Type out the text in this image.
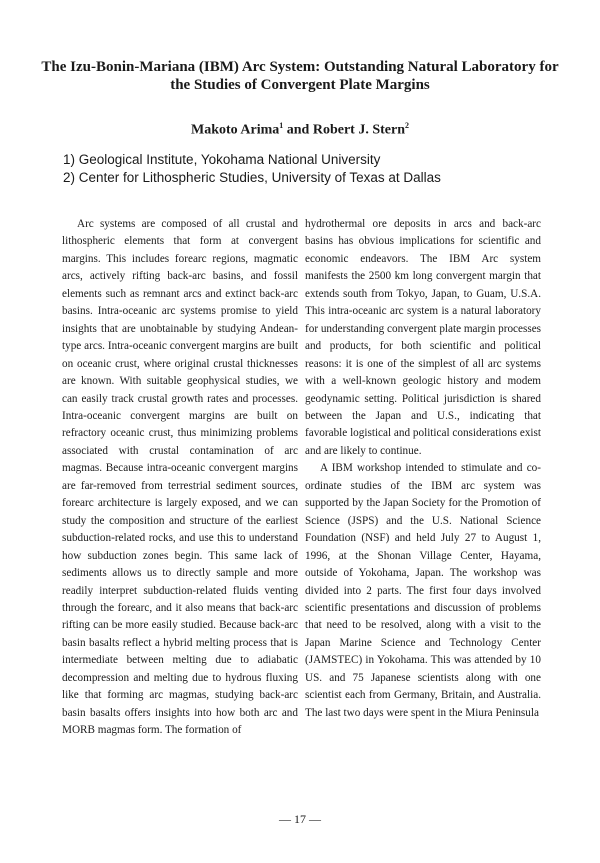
The Izu-Bonin-Mariana (IBM) Arc System: Outstanding Natural Laboratory for the Studies of Convergent Plate Margins

Makoto Arima$^1$ and Robert J. Stern$^2$

1) Geological Institute, Yokohama National University
2) Center for Lithospheric Studies, University of Texas at Dallas

Arc systems are composed of all crustal and lithospheric elements that form at convergent margins. This includes forearc regions, magmatic arcs, actively rifting back-arc basins, and fossil elements such as remnant arcs and extinct back-arc basins. Intra-oceanic arc systems promise to yield insights that are unobtainable by studying Andean-type arcs. Intra-oceanic convergent margins are built on oceanic crust, where original crustal thicknesses are known. With suitable geophysical studies, we can easily track crustal growth rates and processes. Intra-oceanic convergent margins are built on refractory oceanic crust, thus minimizing problems associated with crustal contamination of arc magmas. Because intra-oceanic convergent margins are far-removed from terrestrial sediment sources, forearc architecture is largely exposed, and we can study the composition and structure of the earliest subduction-related rocks, and use this to understand how subduction zones begin. This same lack of sediments allows us to directly sample and more readily interpret subduction-related fluids venting through the forearc, and it also means that back-arc rifting can be more easily studied. Because back-arc basin basalts reflect a hybrid melting process that is intermediate between melting due to adiabatic decompression and melting due to hydrous fluxing like that forming arc magmas, studying back-arc basin basalts offers insights into how both arc and MORB magmas form. The formation of

hydrothermal ore deposits in arcs and back-arc basins has obvious implications for scientific and economic endeavors. The IBM Arc system manifests the 2500 km long convergent margin that extends south from Tokyo, Japan, to Guam, U.S.A. This intra-oceanic arc system is a natural laboratory for understanding convergent plate margin processes and products, for both scientific and political reasons: it is one of the simplest of all arc systems with a well-known geologic history and modem geodynamic setting. Political jurisdiction is shared between the Japan and U.S., indicating that favorable logistical and political considerations exist and are likely to continue.

A IBM workshop intended to stimulate and co-ordinate studies of the IBM arc system was supported by the Japan Society for the Promotion of Science (JSPS) and the U.S. National Science Foundation (NSF) and held July 27 to August 1, 1996, at the Shonan Village Center, Hayama, outside of Yokohama, Japan. The workshop was divided into 2 parts. The first four days involved scientific presentations and discussion of problems that need to be resolved, along with a visit to the Japan Marine Science and Technology Center (JAMSTEC) in Yokohama. This was attended by 10 US. and 75 Japanese scientists along with one scientist each from Germany, Britain, and Australia. The last two days were spent in the Miura Peninsula

— 17 —
